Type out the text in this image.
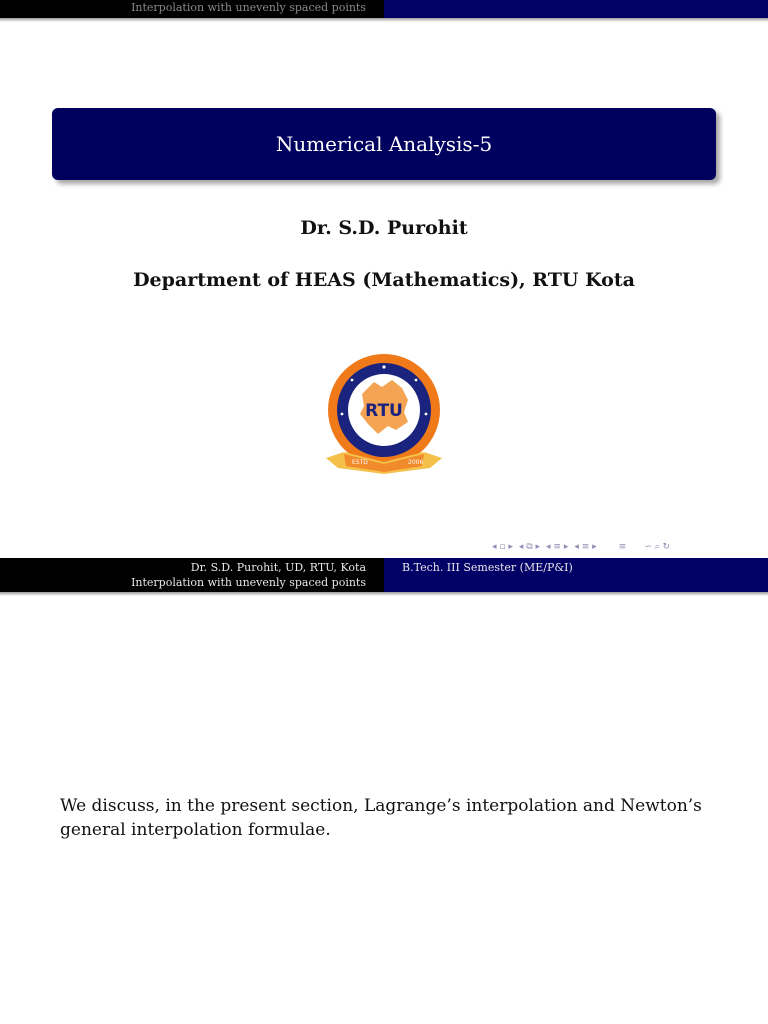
Interpolation with unevenly spaced points
Numerical Analysis-5
Dr. S.D. Purohit
Department of HEAS (Mathematics), RTU Kota
RTU
ESTD	2006
◂ ▫ ▸ ◂ ⧉ ▸ ◂ ≡ ▸ ◂ ≡ ▸ ≡ ∽ ⌕ ↻
Dr. S.D. Purohit, UD, RTU, Kota
Interpolation with unevenly spaced points
B.Tech. III Semester (ME/P&I)
We discuss, in the present section, Lagrange’s interpolation and Newton’s general interpolation formulae.
